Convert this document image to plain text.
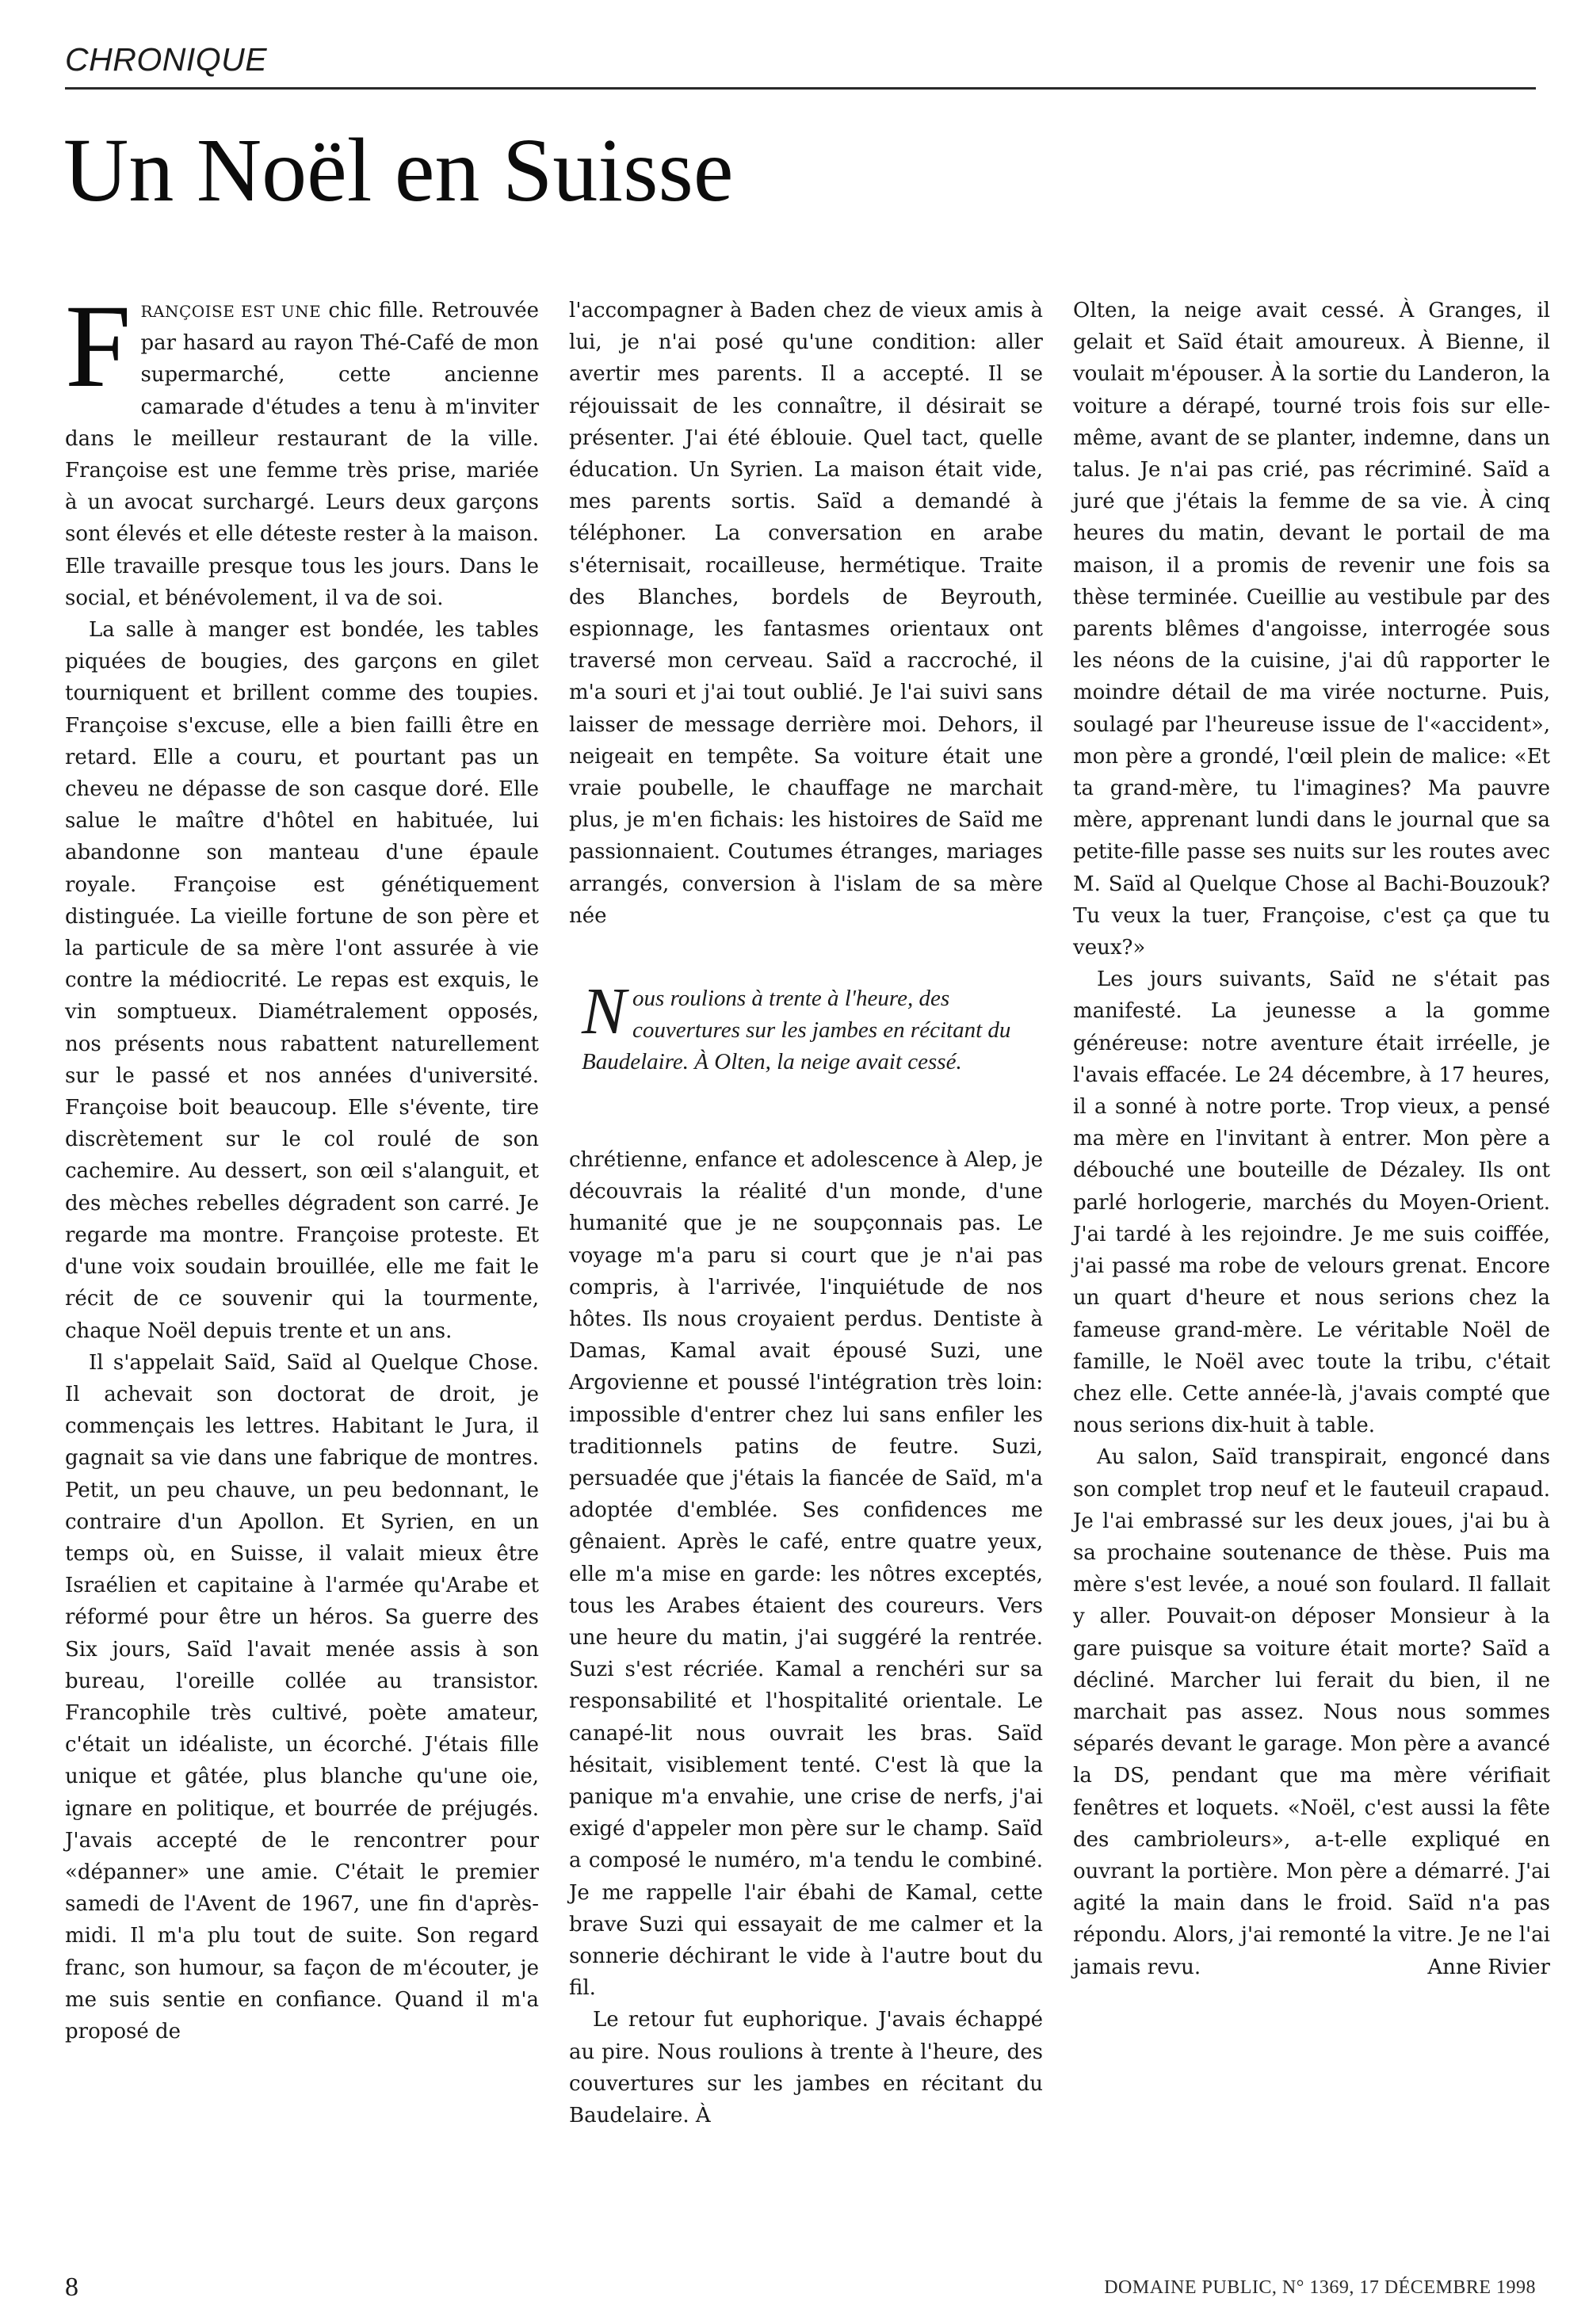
CHRONIQUE
Un Noël en Suisse

FRANÇOISE EST UNE chic fille. Retrouvée par hasard au rayon Thé-Café de mon supermarché, cette ancienne camarade d'études a tenu à m'inviter dans le meilleur restaurant de la ville. Françoise est une femme très prise, mariée à un avocat surchargé. Leurs deux garçons sont élevés et elle déteste rester à la maison. Elle travaille presque tous les jours. Dans le social, et bénévolement, il va de soi.

La salle à manger est bondée, les tables piquées de bougies, des garçons en gilet tourniquent et brillent comme des toupies. Françoise s'excuse, elle a bien failli être en retard. Elle a couru, et pourtant pas un cheveu ne dépasse de son casque doré. Elle salue le maître d'hôtel en habituée, lui abandonne son manteau d'une épaule royale. Françoise est génétiquement distinguée. La vieille fortune de son père et la particule de sa mère l'ont assurée à vie contre la médiocrité. Le repas est exquis, le vin somptueux. Diamétralement opposés, nos présents nous rabattent naturellement sur le passé et nos années d'université. Françoise boit beaucoup. Elle s'évente, tire discrètement sur le col roulé de son cachemire. Au dessert, son œil s'alanguit, et des mèches rebelles dégradent son carré. Je regarde ma montre. Françoise proteste. Et d'une voix soudain brouillée, elle me fait le récit de ce souvenir qui la tourmente, chaque Noël depuis trente et un ans.

Il s'appelait Saïd, Saïd al Quelque Chose. Il achevait son doctorat de droit, je commençais les lettres. Habitant le Jura, il gagnait sa vie dans une fabrique de montres. Petit, un peu chauve, un peu bedonnant, le contraire d'un Apollon. Et Syrien, en un temps où, en Suisse, il valait mieux être Israélien et capitaine à l'armée qu'Arabe et réformé pour être un héros. Sa guerre des Six jours, Saïd l'avait menée assis à son bureau, l'oreille collée au transistor. Francophile très cultivé, poète amateur, c'était un idéaliste, un écorché. J'étais fille unique et gâtée, plus blanche qu'une oie, ignare en politique, et bourrée de préjugés. J'avais accepté de le rencontrer pour «dépanner» une amie. C'était le premier samedi de l'Avent de 1967, une fin d'après-midi. Il m'a plu tout de suite. Son regard franc, son humour, sa façon de m'écouter, je me suis sentie en confiance. Quand il m'a proposé de

l'accompagner à Baden chez de vieux amis à lui, je n'ai posé qu'une condition: aller avertir mes parents. Il a accepté. Il se réjouissait de les connaître, il désirait se présenter. J'ai été éblouie. Quel tact, quelle éducation. Un Syrien. La maison était vide, mes parents sortis. Saïd a demandé à téléphoner. La conversation en arabe s'éternisait, rocailleuse, hermétique. Traite des Blanches, bordels de Beyrouth, espionnage, les fantasmes orientaux ont traversé mon cerveau. Saïd a raccroché, il m'a souri et j'ai tout oublié. Je l'ai suivi sans laisser de message derrière moi. Dehors, il neigeait en tempête. Sa voiture était une vraie poubelle, le chauffage ne marchait plus, je m'en fichais: les histoires de Saïd me passionnaient. Coutumes étranges, mariages arrangés, conversion à l'islam de sa mère née

Nous roulions à trente à l'heure, des couvertures sur les jambes en récitant du Baudelaire. À Olten, la neige avait cessé.

chrétienne, enfance et adolescence à Alep, je découvrais la réalité d'un monde, d'une humanité que je ne soupçonnais pas. Le voyage m'a paru si court que je n'ai pas compris, à l'arrivée, l'inquiétude de nos hôtes. Ils nous croyaient perdus. Dentiste à Damas, Kamal avait épousé Suzi, une Argovienne et poussé l'intégration très loin: impossible d'entrer chez lui sans enfiler les traditionnels patins de feutre. Suzi, persuadée que j'étais la fiancée de Saïd, m'a adoptée d'emblée. Ses confidences me gênaient. Après le café, entre quatre yeux, elle m'a mise en garde: les nôtres exceptés, tous les Arabes étaient des coureurs. Vers une heure du matin, j'ai suggéré la rentrée. Suzi s'est récriée. Kamal a renchéri sur sa responsabilité et l'hospitalité orientale. Le canapé-lit nous ouvrait les bras. Saïd hésitait, visiblement tenté. C'est là que la panique m'a envahie, une crise de nerfs, j'ai exigé d'appeler mon père sur le champ. Saïd a composé le numéro, m'a tendu le combiné. Je me rappelle l'air ébahi de Kamal, cette brave Suzi qui essayait de me calmer et la sonnerie déchirant le vide à l'autre bout du fil.

Le retour fut euphorique. J'avais échappé au pire. Nous roulions à trente à l'heure, des couvertures sur les jambes en récitant du Baudelaire. À

Olten, la neige avait cessé. À Granges, il gelait et Saïd était amoureux. À Bienne, il voulait m'épouser. À la sortie du Landeron, la voiture a dérapé, tourné trois fois sur elle-même, avant de se planter, indemne, dans un talus. Je n'ai pas crié, pas récriminé. Saïd a juré que j'étais la femme de sa vie. À cinq heures du matin, devant le portail de ma maison, il a promis de revenir une fois sa thèse terminée. Cueillie au vestibule par des parents blêmes d'angoisse, interrogée sous les néons de la cuisine, j'ai dû rapporter le moindre détail de ma virée nocturne. Puis, soulagé par l'heureuse issue de l'«accident», mon père a grondé, l'œil plein de malice: «Et ta grand-mère, tu l'imagines? Ma pauvre mère, apprenant lundi dans le journal que sa petite-fille passe ses nuits sur les routes avec M. Saïd al Quelque Chose al Bachi-Bouzouk? Tu veux la tuer, Françoise, c'est ça que tu veux?»

Les jours suivants, Saïd ne s'était pas manifesté. La jeunesse a la gomme généreuse: notre aventure était irréelle, je l'avais effacée. Le 24 décembre, à 17 heures, il a sonné à notre porte. Trop vieux, a pensé ma mère en l'invitant à entrer. Mon père a débouché une bouteille de Dézaley. Ils ont parlé horlogerie, marchés du Moyen-Orient. J'ai tardé à les rejoindre. Je me suis coiffée, j'ai passé ma robe de velours grenat. Encore un quart d'heure et nous serions chez la fameuse grand-mère. Le véritable Noël de famille, le Noël avec toute la tribu, c'était chez elle. Cette année-là, j'avais compté que nous serions dix-huit à table.

Au salon, Saïd transpirait, engoncé dans son complet trop neuf et le fauteuil crapaud. Je l'ai embrassé sur les deux joues, j'ai bu à sa prochaine soutenance de thèse. Puis ma mère s'est levée, a noué son foulard. Il fallait y aller. Pouvait-on déposer Monsieur à la gare puisque sa voiture était morte? Saïd a décliné. Marcher lui ferait du bien, il ne marchait pas assez. Nous nous sommes séparés devant le garage. Mon père a avancé la DS, pendant que ma mère vérifiait fenêtres et loquets. «Noël, c'est aussi la fête des cambrioleurs», a-t-elle expliqué en ouvrant la portière. Mon père a démarré. J'ai agité la main dans le froid. Saïd n'a pas répondu. Alors, j'ai remonté la vitre. Je ne l'ai jamais revu.	Anne Rivier

8	DOMAINE PUBLIC, N° 1369, 17 DÉCEMBRE 1998
